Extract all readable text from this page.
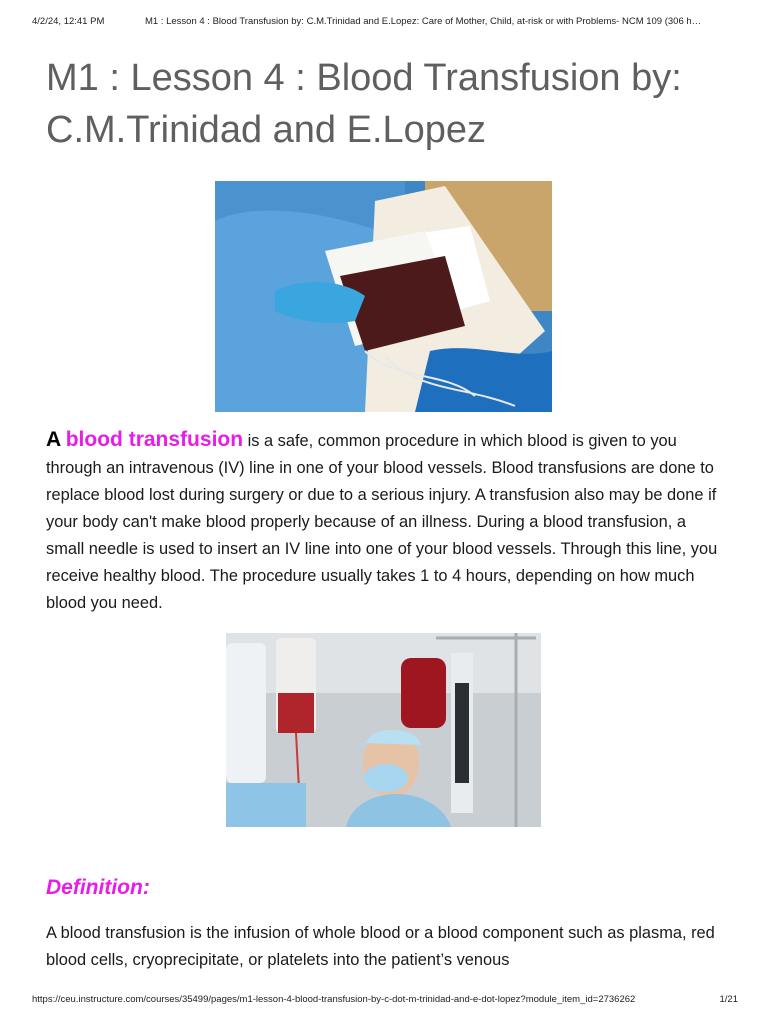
4/2/24, 12:41 PM	M1 : Lesson 4 : Blood Transfusion by: C.M.Trinidad and E.Lopez: Care of Mother, Child, at-risk or with Problems- NCM 109 (306 h…
M1 : Lesson 4 : Blood Transfusion by: C.M.Trinidad and E.Lopez

A blood transfusion is a safe, common procedure in which blood is given to you through an intravenous (IV) line in one of your blood vessels. Blood transfusions are done to replace blood lost during surgery or due to a serious injury. A transfusion also may be done if your body can't make blood properly because of an illness. During a blood transfusion, a small needle is used to insert an IV line into one of your blood vessels. Through this line, you receive healthy blood. The procedure usually takes 1 to 4 hours, depending on how much blood you need.

Definition:

A blood transfusion is the infusion of whole blood or a blood component such as plasma, red blood cells, cryoprecipitate, or platelets into the patient’s venous

https://ceu.instructure.com/courses/35499/pages/m1-lesson-4-blood-transfusion-by-c-dot-m-trinidad-and-e-dot-lopez?module_item_id=2736262	1/21
